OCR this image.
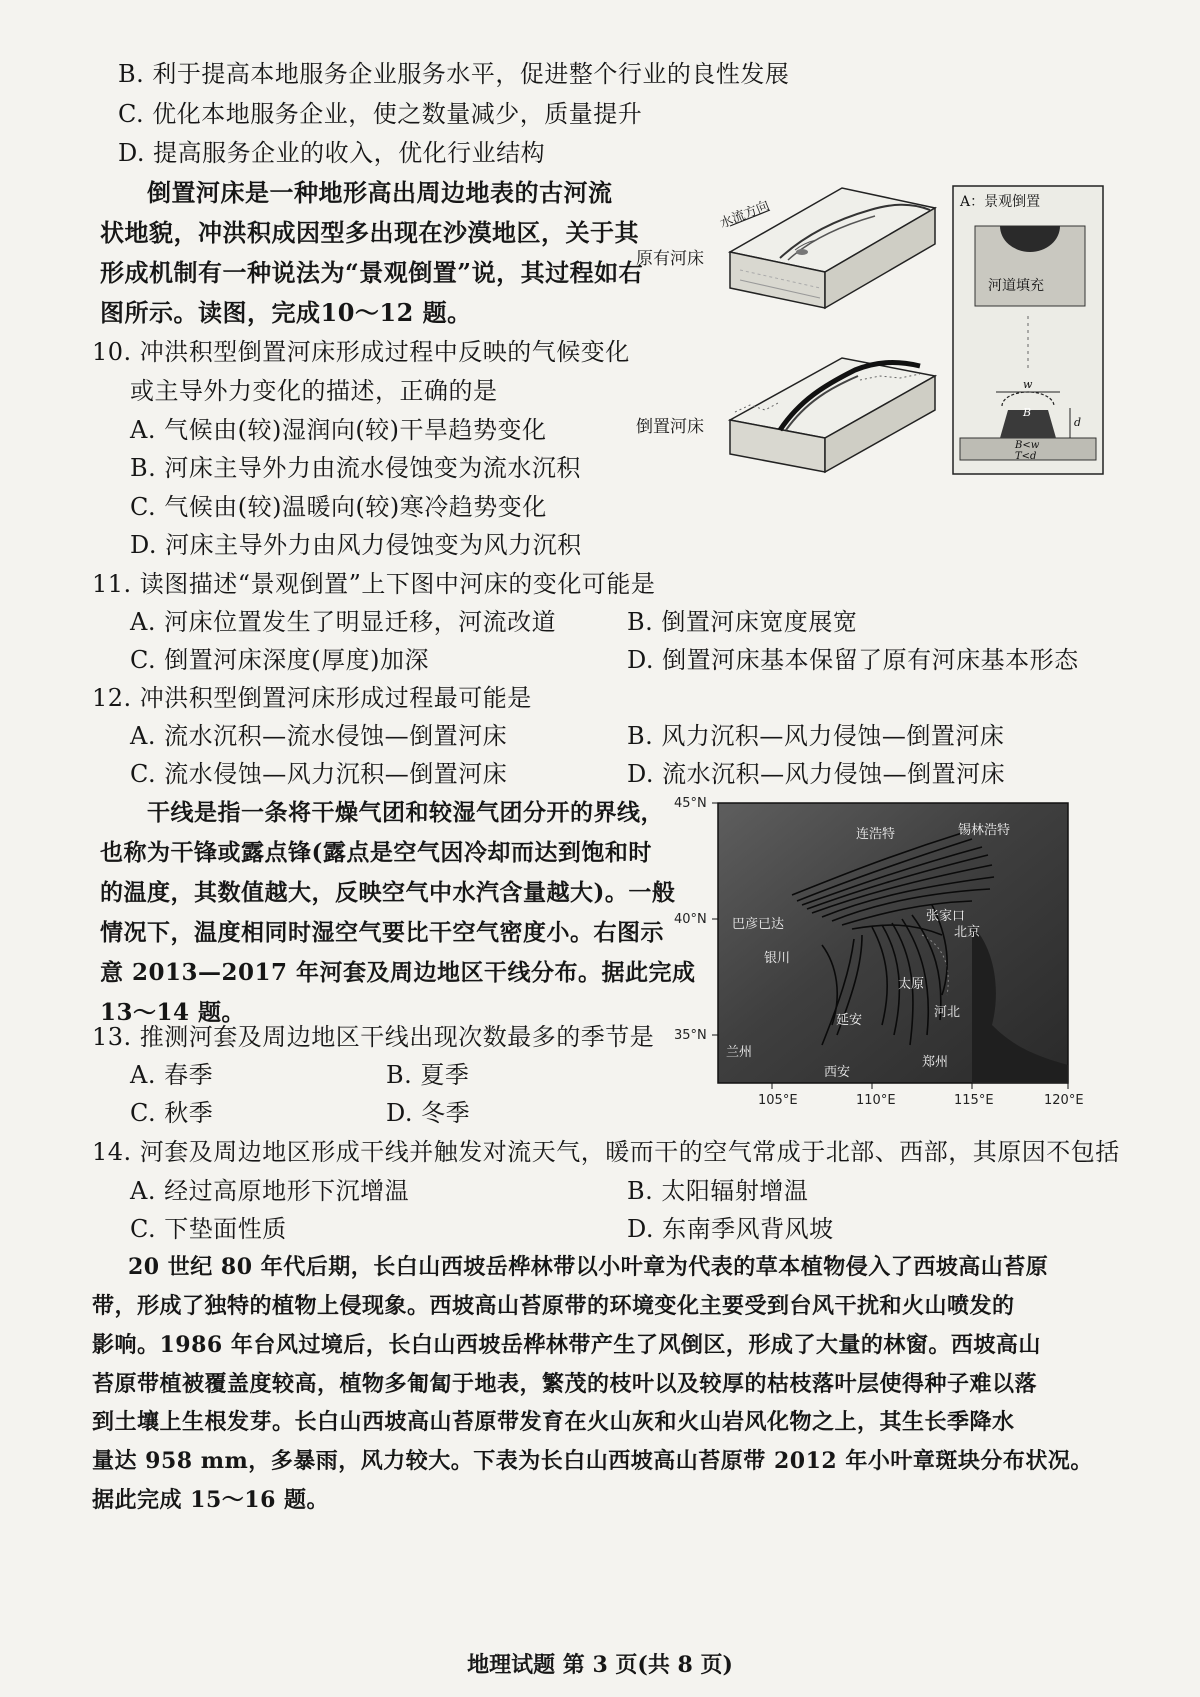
B. 利于提高本地服务企业服务水平，促进整个行业的良性发展
C. 优化本地服务企业，使之数量减少，质量提升
D. 提高服务企业的收入，优化行业结构
倒置河床是一种地形高出周边地表的古河流
状地貌，冲洪积成因型多出现在沙漠地区，关于其
形成机制有一种说法为“景观倒置”说，其过程如右
图所示。读图，完成10～12 题。
10. 冲洪积型倒置河床形成过程中反映的气候变化
或主导外力变化的描述，正确的是
A. 气候由(较)湿润向(较)干旱趋势变化
B. 河床主导外力由流水侵蚀变为流水沉积
C. 气候由(较)温暖向(较)寒冷趋势变化
D. 河床主导外力由风力侵蚀变为风力沉积
水流方向	A：景观倒置
河道填充
w
B
d
B<w
T<d
原有河床
倒置河床
11. 读图描述“景观倒置”上下图中河床的变化可能是
A. 河床位置发生了明显迁移，河流改道	B. 倒置河床宽度展宽
C. 倒置河床深度(厚度)加深	D. 倒置河床基本保留了原有河床基本形态
12. 冲洪积型倒置河床形成过程最可能是
A. 流水沉积—流水侵蚀—倒置河床	B. 风力沉积—风力侵蚀—倒置河床
C. 流水侵蚀—风力沉积—倒置河床	D. 流水沉积—风力侵蚀—倒置河床
干线是指一条将干燥气团和较湿气团分开的界线，
也称为干锋或露点锋(露点是空气因冷却而达到饱和时
的温度，其数值越大，反映空气中水汽含量越大)。一般
情况下，温度相同时湿空气要比干空气密度小。右图示
意 2013—2017 年河套及周边地区干线分布。据此完成
13～14 题。
45°N
40°N
35°N
105°E	110°E	115°E	120°E
连浩特	锡林浩特
巴彦已达
银川
张家口
北京
太原
延安
河北
兰州
西安
郑州
13. 推测河套及周边地区干线出现次数最多的季节是
A. 春季	B. 夏季
C. 秋季	D. 冬季
14. 河套及周边地区形成干线并触发对流天气，暖而干的空气常成于北部、西部，其原因不包括
A. 经过高原地形下沉增温	B. 太阳辐射增温
C. 下垫面性质	D. 东南季风背风坡
20 世纪 80 年代后期，长白山西坡岳桦林带以小叶章为代表的草本植物侵入了西坡高山苔原
带，形成了独特的植物上侵现象。西坡高山苔原带的环境变化主要受到台风干扰和火山喷发的
影响。1986 年台风过境后，长白山西坡岳桦林带产生了风倒区，形成了大量的林窗。西坡高山
苔原带植被覆盖度较高，植物多匍匐于地表，繁茂的枝叶以及较厚的枯枝落叶层使得种子难以落
到土壤上生根发芽。长白山西坡高山苔原带发育在火山灰和火山岩风化物之上，其生长季降水
量达 958 mm，多暴雨，风力较大。下表为长白山西坡高山苔原带 2012 年小叶章斑块分布状况。
据此完成 15～16 题。
地理试题 第 3 页(共 8 页)
